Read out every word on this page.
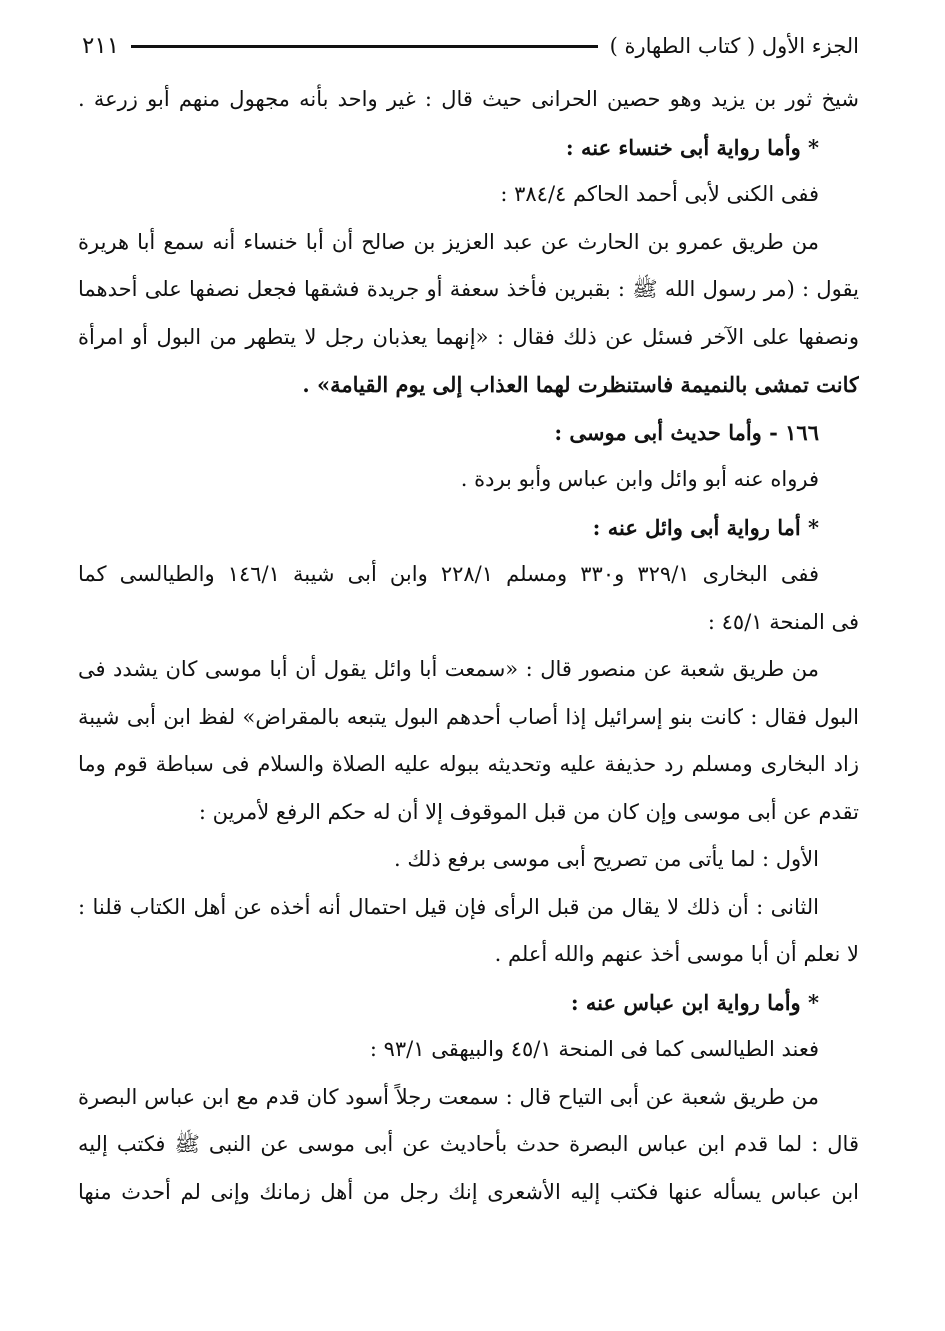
الجزء الأول ( كتاب الطهارة )
٢١١
شيخ ثور بن يزيد وهو حصين الحرانى حيث قال : غير واحد بأنه مجهول منهم أبو زرعة .
* وأما رواية أبى خنساء عنه :
ففى الكنى لأبى أحمد الحاكم ٣٨٤/٤ :
من طريق عمرو بن الحارث عن عبد العزيز بن صالح أن أبا خنساء أنه سمع أبا هريرة
يقول : (مر رسول الله ﷺ : بقبرين فأخذ سعفة أو جريدة فشقها فجعل نصفها على أحدهما
ونصفها على الآخر فسئل عن ذلك فقال : «إنهما يعذبان رجل لا يتطهر من البول أو امرأة
كانت تمشى بالنميمة فاستنظرت لهما العذاب إلى يوم القيامة» .
١٦٦ - وأما حديث أبى موسى :
فرواه عنه أبو وائل وابن عباس وأبو بردة .
* أما رواية أبى وائل عنه :
ففى البخارى ٣٢٩/١ و٣٣٠ ومسلم ٢٢٨/١ وابن أبى شيبة ١٤٦/١ والطيالسى كما
فى المنحة ٤٥/١ :
من طريق شعبة عن منصور قال : «سمعت أبا وائل يقول أن أبا موسى كان يشدد فى
البول فقال : كانت بنو إسرائيل إذا أصاب أحدهم البول يتبعه بالمقراض» لفظ ابن أبى شيبة
زاد البخارى ومسلم رد حذيفة عليه وتحديثه ببوله عليه الصلاة والسلام فى سباطة قوم وما
تقدم عن أبى موسى وإن كان من قبل الموقوف إلا أن له حكم الرفع لأمرين :
الأول : لما يأتى من تصريح أبى موسى برفع ذلك .
الثانى : أن ذلك لا يقال من قبل الرأى فإن قيل احتمال أنه أخذه عن أهل الكتاب قلنا :
لا نعلم أن أبا موسى أخذ عنهم والله أعلم .
* وأما رواية ابن عباس عنه :
فعند الطيالسى كما فى المنحة ٤٥/١ والبيهقى ٩٣/١ :
من طريق شعبة عن أبى التياح قال : سمعت رجلاً أسود كان قدم مع ابن عباس البصرة
قال : لما قدم ابن عباس البصرة حدث بأحاديث عن أبى موسى عن النبى ﷺ فكتب إليه
ابن عباس يسأله عنها فكتب إليه الأشعرى إنك رجل من أهل زمانك وإنى لم أحدث منها
